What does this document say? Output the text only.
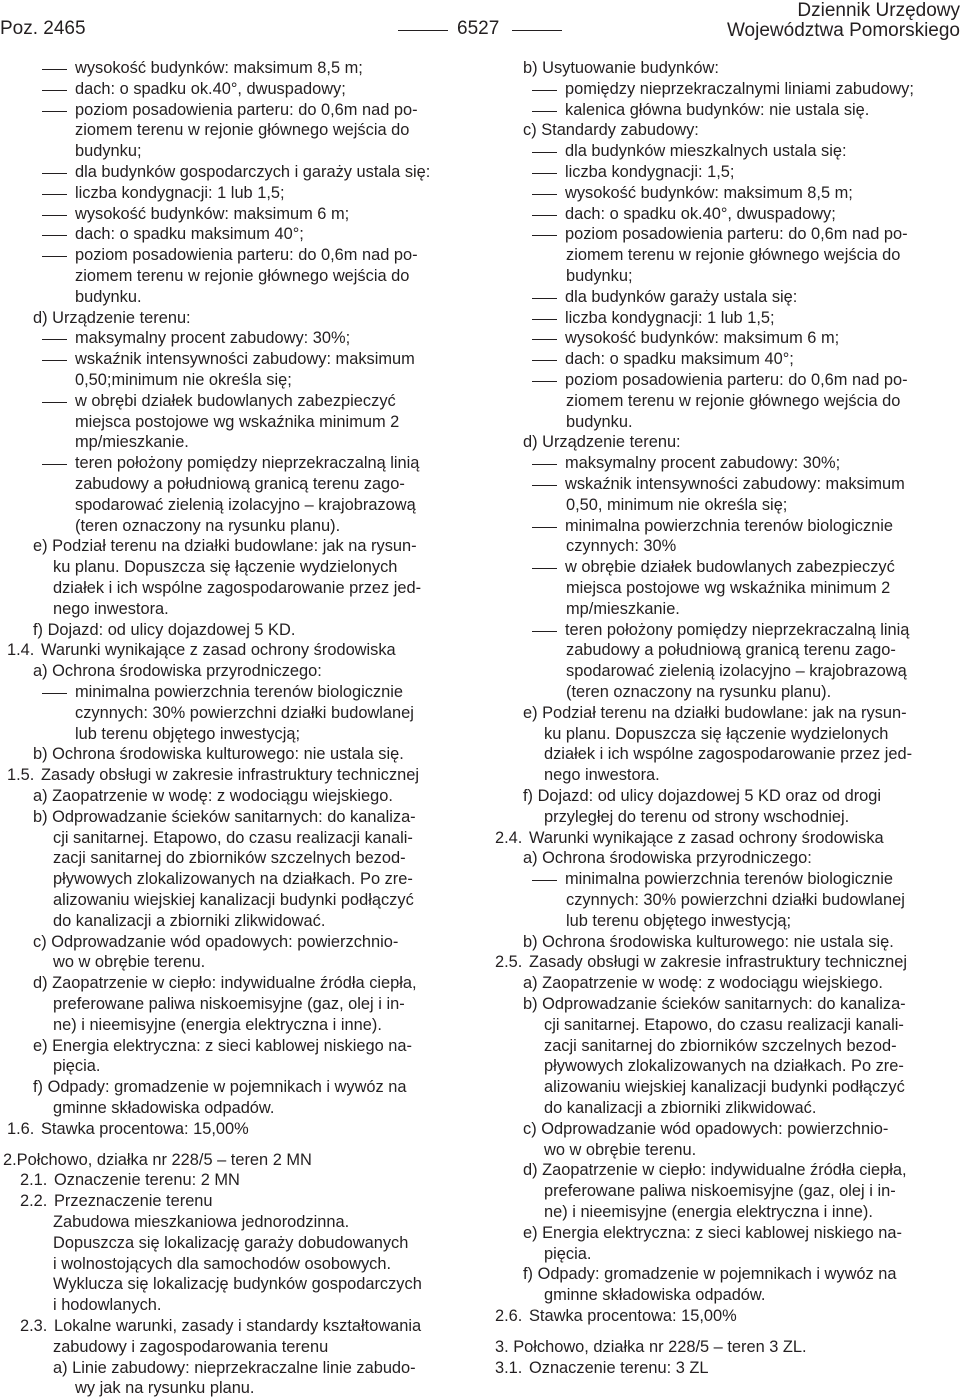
Poz. 2465	6527
Dziennik Urzędowy
Województwa Pomorskiego
wysokość budynków: maksimum 8,5 m;
dach: o spadku ok.40°, dwuspadowy;
poziom posadowienia parteru: do 0,6m nad po-
ziomem terenu w rejonie głównego wejścia do
budynku;
dla budynków gospodarczych i garaży ustala się:
liczba kondygnacji: 1 lub 1,5;
wysokość budynków: maksimum 6 m;
dach: o spadku maksimum 40°;
poziom posadowienia parteru: do 0,6m nad po-
ziomem terenu w rejonie głównego wejścia do
budynku.
d) Urządzenie terenu:
maksymalny procent zabudowy: 30%;
wskaźnik intensywności zabudowy: maksimum
0,50;minimum nie określa się;
w obrębi działek budowlanych zabezpieczyć
miejsca postojowe wg wskaźnika minimum 2
mp/mieszkanie.
teren położony pomiędzy nieprzekraczalną linią
zabudowy a południową granicą terenu zago-
spodarować zielenią izolacyjno – krajobrazową
(teren oznaczony na rysunku planu).
e) Podział terenu na działki budowlane: jak na rysun-
ku planu. Dopuszcza się łączenie wydzielonych
działek i ich wspólne zagospodarowanie przez jed-
nego inwestora.
f) Dojazd: od ulicy dojazdowej 5 KD.
1.4. Warunki wynikające z zasad ochrony środowiska
a) Ochrona środowiska przyrodniczego:
minimalna powierzchnia terenów biologicznie
czynnych: 30% powierzchni działki budowlanej
lub terenu objętego inwestycją;
b) Ochrona środowiska kulturowego: nie ustala się.
1.5. Zasady obsługi w zakresie infrastruktury technicznej
a) Zaopatrzenie w wodę: z wodociągu wiejskiego.
b) Odprowadzanie ścieków sanitarnych: do kanaliza-
cji sanitarnej. Etapowo, do czasu realizacji kanali-
zacji sanitarnej do zbiorników szczelnych bezod-
pływowych zlokalizowanych na działkach. Po zre-
alizowaniu wiejskiej kanalizacji budynki podłączyć
do kanalizacji a zbiorniki zlikwidować.
c) Odprowadzanie wód opadowych: powierzchnio-
wo w obrębie terenu.
d) Zaopatrzenie w ciepło: indywidualne źródła ciepła,
preferowane paliwa niskoemisyjne (gaz, olej i in-
ne) i nieemisyjne (energia elektryczna i inne).
e) Energia elektryczna: z sieci kablowej niskiego na-
pięcia.
f) Odpady: gromadzenie w pojemnikach i wywóz na
gminne składowiska odpadów.
1.6. Stawka procentowa: 15,00%
2.Połchowo, działka nr 228/5 – teren 2 MN
2.1. Oznaczenie terenu: 2 MN
2.2. Przeznaczenie terenu
Zabudowa mieszkaniowa jednorodzinna.
Dopuszcza się lokalizację garaży dobudowanych
i wolnostojących dla samochodów osobowych.
Wyklucza się lokalizację budynków gospodarczych
i hodowlanych.
2.3. Lokalne warunki, zasady i standardy kształtowania
zabudowy i zagospodarowania terenu
a) Linie zabudowy: nieprzekraczalne linie zabudo-
wy jak na rysunku planu.
b) Usytuowanie budynków:
pomiędzy nieprzekraczalnymi liniami zabudowy;
kalenica główna budynków: nie ustala się.
c) Standardy zabudowy:
dla budynków mieszkalnych ustala się:
liczba kondygnacji: 1,5;
wysokość budynków: maksimum 8,5 m;
dach: o spadku ok.40°, dwuspadowy;
poziom posadowienia parteru: do 0,6m nad po-
ziomem terenu w rejonie głównego wejścia do
budynku;
dla budynków garaży ustala się:
liczba kondygnacji: 1 lub 1,5;
wysokość budynków: maksimum 6 m;
dach: o spadku maksimum 40°;
poziom posadowienia parteru: do 0,6m nad po-
ziomem terenu w rejonie głównego wejścia do
budynku.
d) Urządzenie terenu:
maksymalny procent zabudowy: 30%;
wskaźnik intensywności zabudowy: maksimum
0,50, minimum nie określa się;
minimalna powierzchnia terenów biologicznie
czynnych: 30%
w obrębie działek budowlanych zabezpieczyć
miejsca postojowe wg wskaźnika minimum 2
mp/mieszkanie.
teren położony pomiędzy nieprzekraczalną linią
zabudowy a południową granicą terenu zago-
spodarować zielenią izolacyjno – krajobrazową
(teren oznaczony na rysunku planu).
e) Podział terenu na działki budowlane: jak na rysun-
ku planu. Dopuszcza się łączenie wydzielonych
działek i ich wspólne zagospodarowanie przez jed-
nego inwestora.
f) Dojazd: od ulicy dojazdowej 5 KD oraz od drogi
przyległej do terenu od strony wschodniej.
2.4. Warunki wynikające z zasad ochrony środowiska
a) Ochrona środowiska przyrodniczego:
minimalna powierzchnia terenów biologicznie
czynnych: 30% powierzchni działki budowlanej
lub terenu objętego inwestycją;
b) Ochrona środowiska kulturowego: nie ustala się.
2.5. Zasady obsługi w zakresie infrastruktury technicznej
a) Zaopatrzenie w wodę: z wodociągu wiejskiego.
b) Odprowadzanie ścieków sanitarnych: do kanaliza-
cji sanitarnej. Etapowo, do czasu realizacji kanali-
zacji sanitarnej do zbiorników szczelnych bezod-
pływowych zlokalizowanych na działkach. Po zre-
alizowaniu wiejskiej kanalizacji budynki podłączyć
do kanalizacji a zbiorniki zlikwidować.
c) Odprowadzanie wód opadowych: powierzchnio-
wo w obrębie terenu.
d) Zaopatrzenie w ciepło: indywidualne źródła ciepła,
preferowane paliwa niskoemisyjne (gaz, olej i in-
ne) i nieemisyjne (energia elektryczna i inne).
e) Energia elektryczna: z sieci kablowej niskiego na-
pięcia.
f) Odpady: gromadzenie w pojemnikach i wywóz na
gminne składowiska odpadów.
2.6. Stawka procentowa: 15,00%
3. Połchowo, działka nr 228/5 – teren 3 ZL.
3.1. Oznaczenie terenu: 3 ZL
